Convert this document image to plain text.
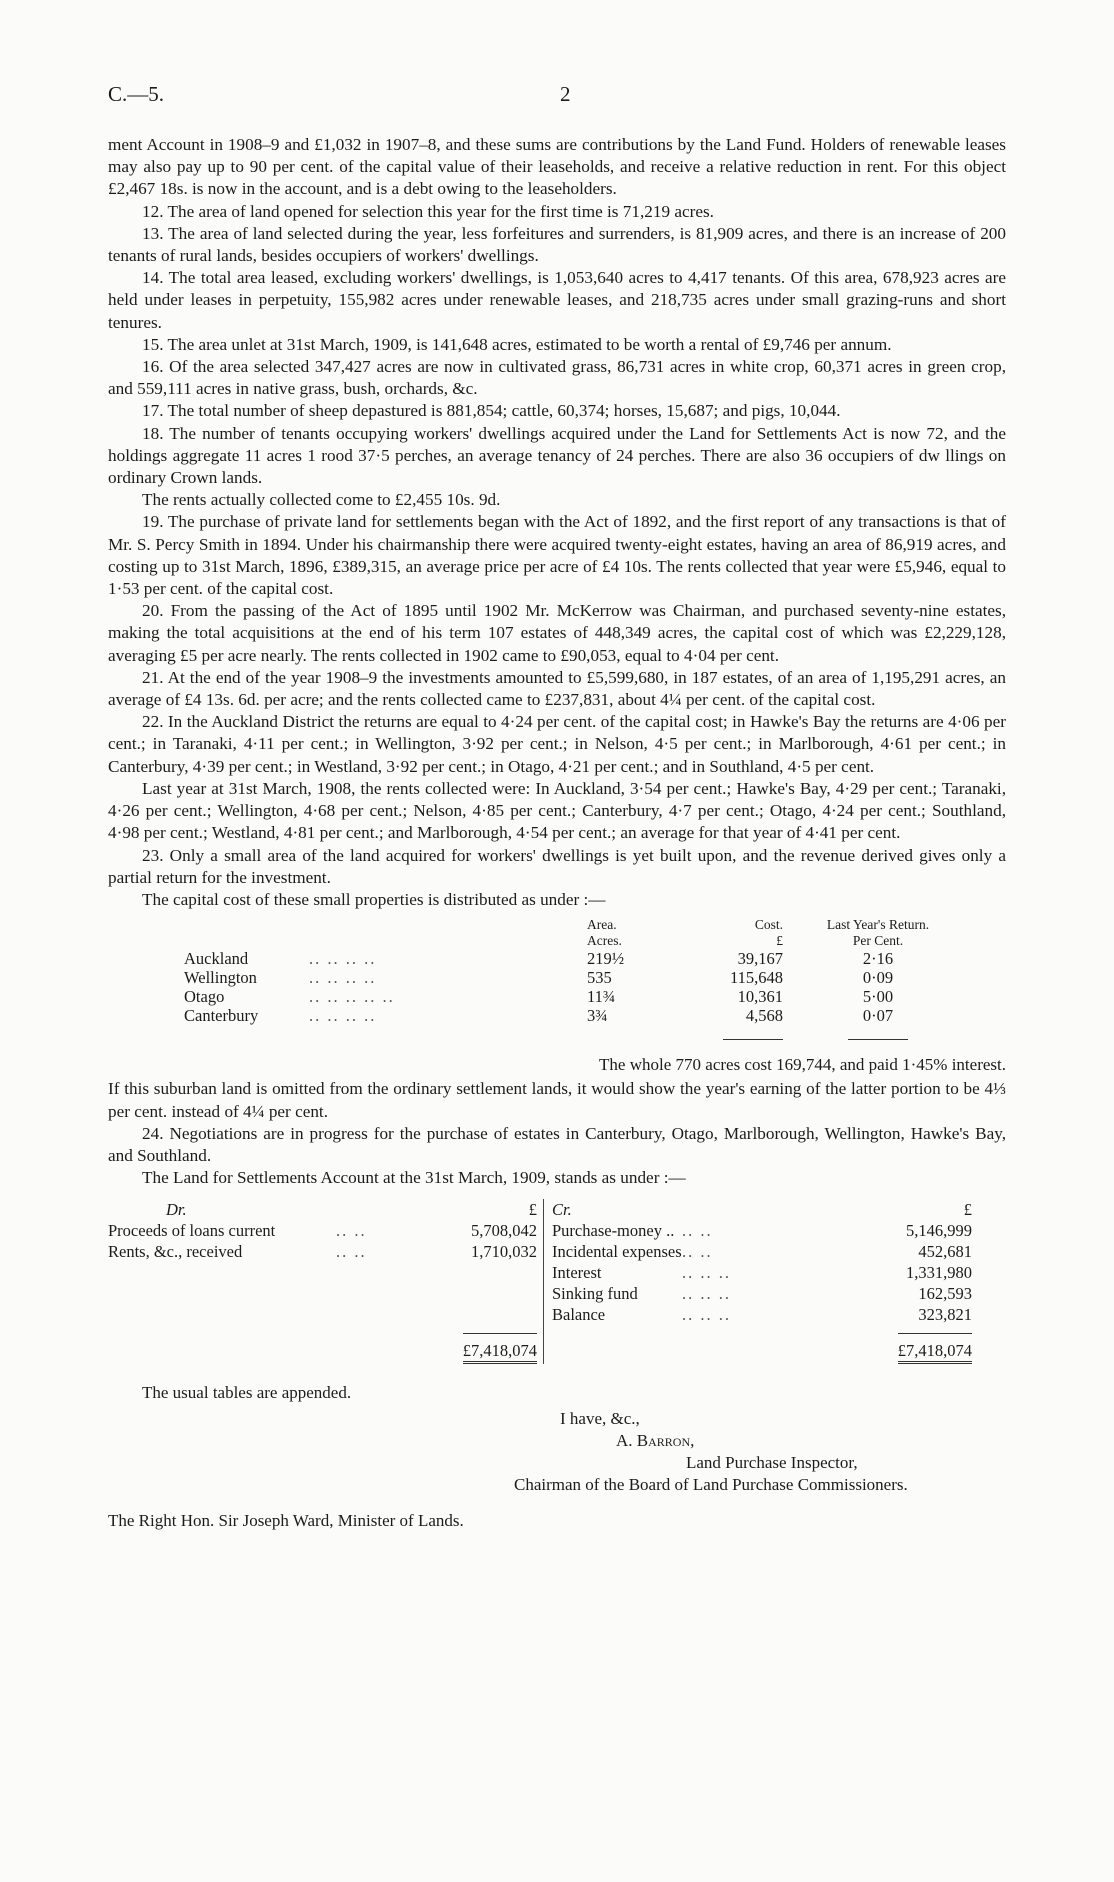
C.—5.	2

ment Account in 1908–9 and £1,032 in 1907–8, and these sums are contributions by the Land Fund. Holders of renewable leases may also pay up to 90 per cent. of the capital value of their leaseholds, and receive a relative reduction in rent. For this object £2,467 18s. is now in the account, and is a debt owing to the leaseholders.

12. The area of land opened for selection this year for the first time is 71,219 acres.

13. The area of land selected during the year, less forfeitures and surrenders, is 81,909 acres, and there is an increase of 200 tenants of rural lands, besides occupiers of workers' dwellings.

14. The total area leased, excluding workers' dwellings, is 1,053,640 acres to 4,417 tenants. Of this area, 678,923 acres are held under leases in perpetuity, 155,982 acres under renewable leases, and 218,735 acres under small grazing-runs and short tenures.

15. The area unlet at 31st March, 1909, is 141,648 acres, estimated to be worth a rental of £9,746 per annum.

16. Of the area selected 347,427 acres are now in cultivated grass, 86,731 acres in white crop, 60,371 acres in green crop, and 559,111 acres in native grass, bush, orchards, &c.

17. The total number of sheep depastured is 881,854; cattle, 60,374; horses, 15,687; and pigs, 10,044.

18. The number of tenants occupying workers' dwellings acquired under the Land for Settlements Act is now 72, and the holdings aggregate 11 acres 1 rood 37·5 perches, an average tenancy of 24 perches. There are also 36 occupiers of dw llings on ordinary Crown lands.

The rents actually collected come to £2,455 10s. 9d.

19. The purchase of private land for settlements began with the Act of 1892, and the first report of any transactions is that of Mr. S. Percy Smith in 1894. Under his chairmanship there were acquired twenty-eight estates, having an area of 86,919 acres, and costing up to 31st March, 1896, £389,315, an average price per acre of £4 10s. The rents collected that year were £5,946, equal to 1·53 per cent. of the capital cost.

20. From the passing of the Act of 1895 until 1902 Mr. McKerrow was Chairman, and purchased seventy-nine estates, making the total acquisitions at the end of his term 107 estates of 448,349 acres, the capital cost of which was £2,229,128, averaging £5 per acre nearly. The rents collected in 1902 came to £90,053, equal to 4·04 per cent.

21. At the end of the year 1908–9 the investments amounted to £5,599,680, in 187 estates, of an area of 1,195,291 acres, an average of £4 13s. 6d. per acre; and the rents collected came to £237,831, about 4¼ per cent. of the capital cost.

22. In the Auckland District the returns are equal to 4·24 per cent. of the capital cost; in Hawke's Bay the returns are 4·06 per cent.; in Taranaki, 4·11 per cent.; in Wellington, 3·92 per cent.; in Nelson, 4·5 per cent.; in Marlborough, 4·61 per cent.; in Canterbury, 4·39 per cent.; in Westland, 3·92 per cent.; in Otago, 4·21 per cent.; and in Southland, 4·5 per cent.

Last year at 31st March, 1908, the rents collected were: In Auckland, 3·54 per cent.; Hawke's Bay, 4·29 per cent.; Taranaki, 4·26 per cent.; Wellington, 4·68 per cent.; Nelson, 4·85 per cent.; Canterbury, 4·7 per cent.; Otago, 4·24 per cent.; Southland, 4·98 per cent.; Westland, 4·81 per cent.; and Marlborough, 4·54 per cent.; an average for that year of 4·41 per cent.

23. Only a small area of the land acquired for workers' dwellings is yet built upon, and the revenue derived gives only a partial return for the investment.

The capital cost of these small properties is distributed as under :—

		Area.	Cost.	Last Year's Return.
		Acres.	£	Per Cent.
Auckland	.. .. .. ..	219½	39,167	2·16
Wellington	.. .. .. ..	535	115,648	0·09
Otago	.. .. .. .. ..	11¾	10,361	5·00
Canterbury	.. .. .. ..	3¾	4,568	0·07

The whole 770 acres cost 169,744, and paid 1·45% interest.

If this suburban land is omitted from the ordinary settlement lands, it would show the year's earning of the latter portion to be 4⅓ per cent. instead of 4¼ per cent.

24. Negotiations are in progress for the purchase of estates in Canterbury, Otago, Marlborough, Wellington, Hawke's Bay, and Southland.

The Land for Settlements Account at the 31st March, 1909, stands as under :—

Dr.		£	Cr.		£
Proceeds of loans current	.. ..	5,708,042	Purchase-money ..	.. ..	5,146,999
Rents, &c., received	.. ..	1,710,032	Incidental expenses	.. ..	452,681
			Interest	.. .. ..	1,331,980
			Sinking fund	.. .. ..	162,593
			Balance	.. .. ..	323,821
		£7,418,074			£7,418,074
The usual tables are appended.
I have, &c.,
A. Barron,
Land Purchase Inspector,
Chairman of the Board of Land Purchase Commissioners.
The Right Hon. Sir Joseph Ward, Minister of Lands.
